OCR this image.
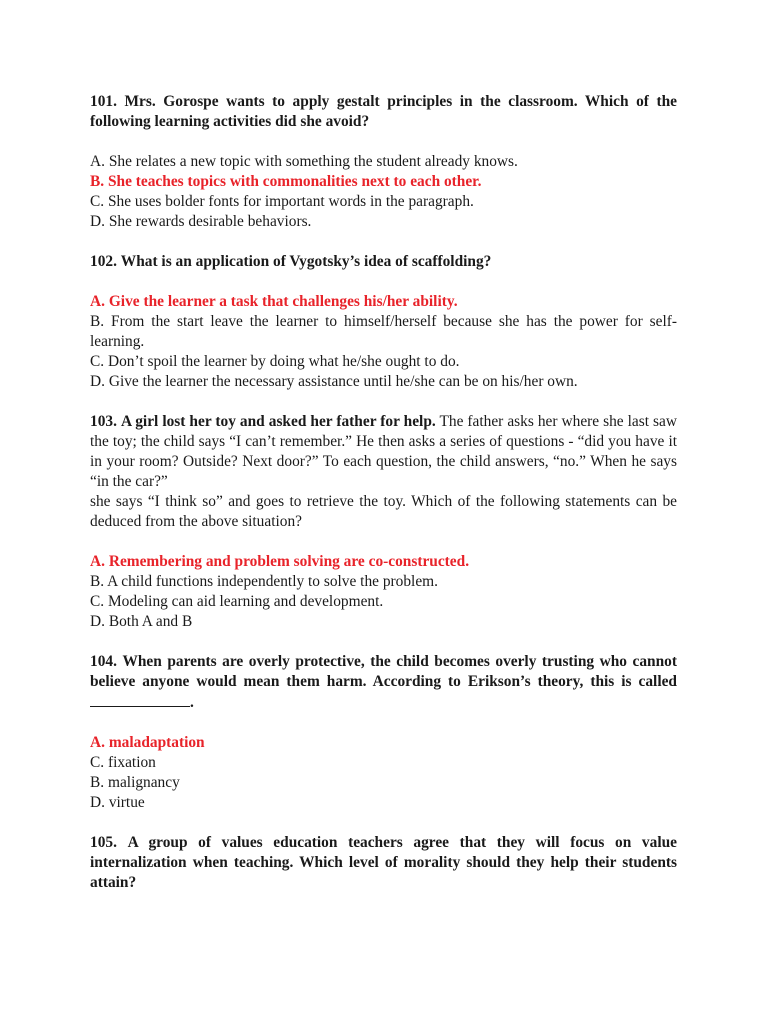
101. Mrs. Gorospe wants to apply gestalt principles in the classroom. Which of the following learning activities did she avoid?

A. She relates a new topic with something the student already knows.

B. She teaches topics with commonalities next to each other.

C. She uses bolder fonts for important words in the paragraph.

D. She rewards desirable behaviors.

102. What is an application of Vygotsky’s idea of scaffolding?

A. Give the learner a task that challenges his/her ability.

B. From the start leave the learner to himself/herself because she has the power for self-learning.

C. Don’t spoil the learner by doing what he/she ought to do.

D. Give the learner the necessary assistance until he/she can be on his/her own.

103. A girl lost her toy and asked her father for help. The father asks her where she last saw the toy; the child says “I can’t remember.” He then asks a series of questions - “did you have it in your room? Outside? Next door?” To each question, the child answers, “no.” When he says “in the car?”

she says “I think so” and goes to retrieve the toy. Which of the following statements can be deduced from the above situation?

A. Remembering and problem solving are co-constructed.

B. A child functions independently to solve the problem.

C. Modeling can aid learning and development.

D. Both A and B

104. When parents are overly protective, the child becomes overly trusting who cannot believe anyone would mean them harm. According to Erikson’s theory, this is called.

A. maladaptation

C. fixation

B. malignancy

D. virtue

105. A group of values education teachers agree that they will focus on value internalization when teaching. Which level of morality should they help their students attain?
